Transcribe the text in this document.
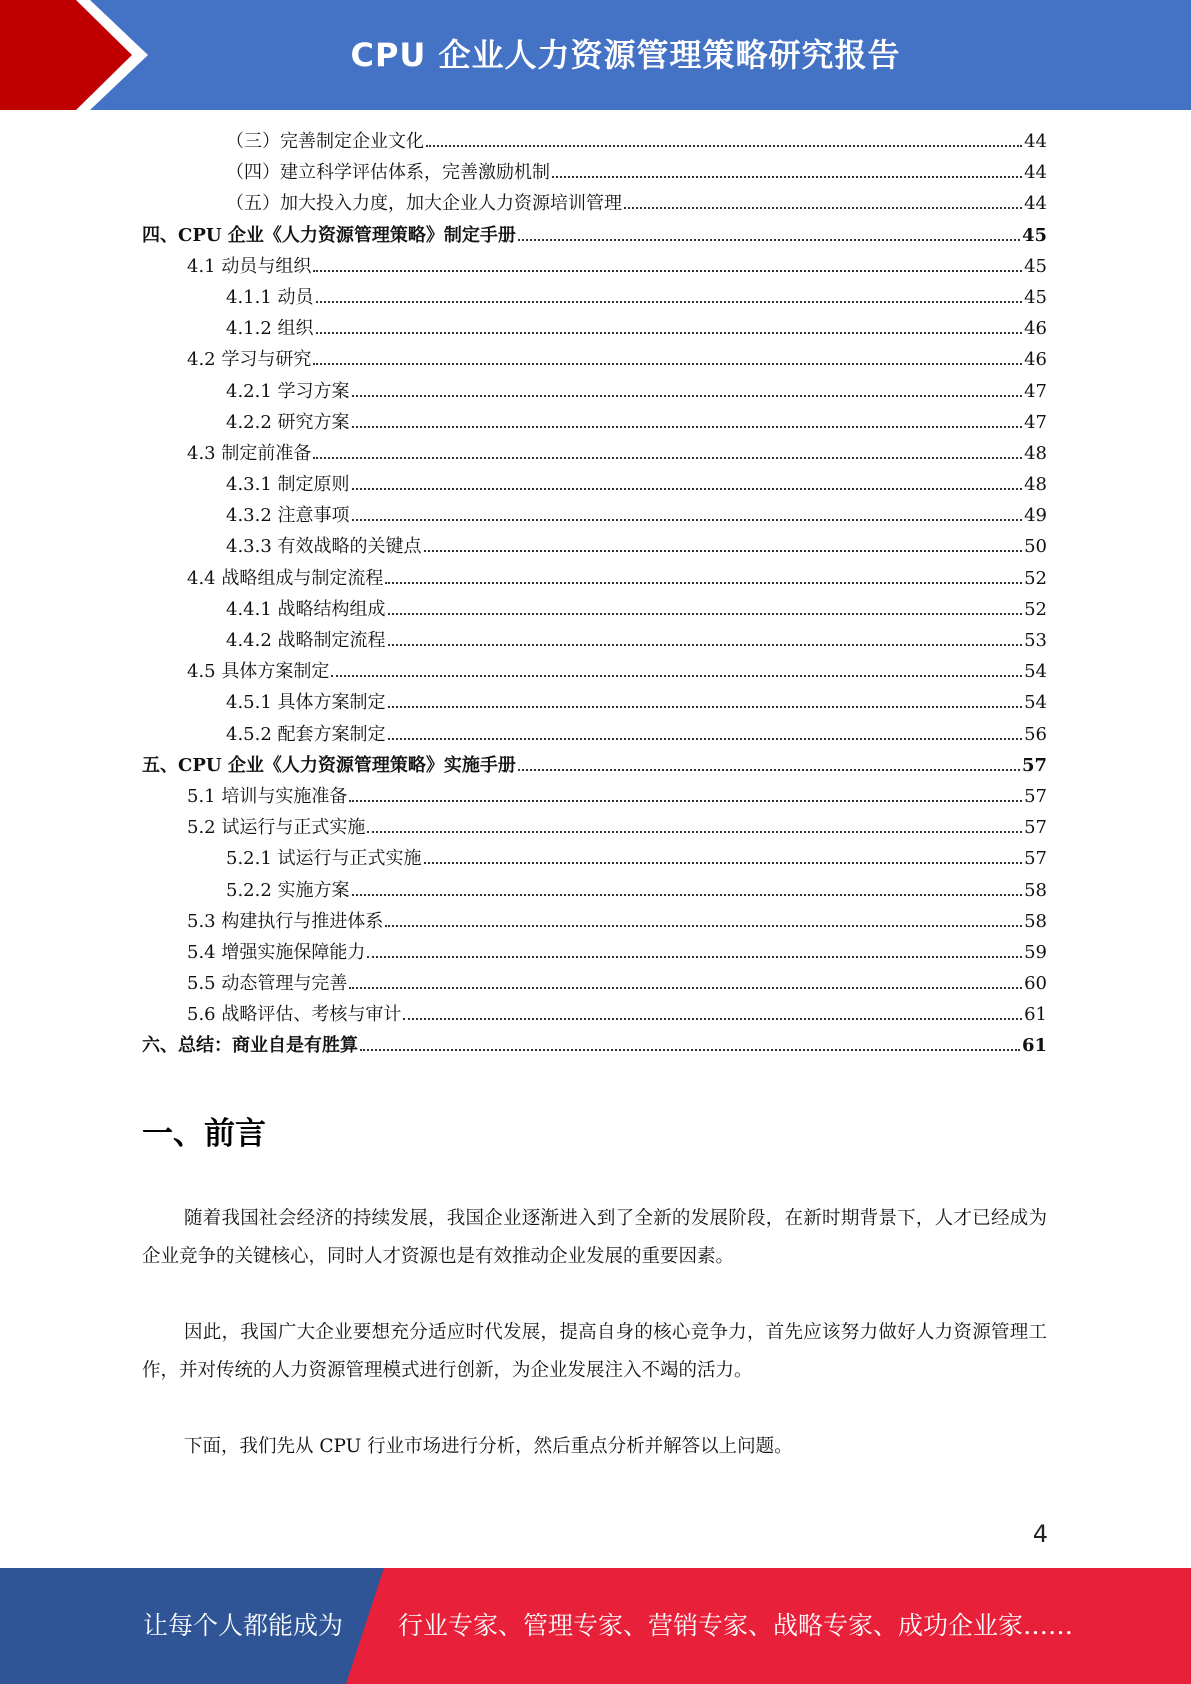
CPU 企业人力资源管理策略研究报告
（三）完善制定企业文化	44
（四）建立科学评估体系，完善激励机制	44
（五）加大投入力度，加大企业人力资源培训管理	44
四、CPU 企业《人力资源管理策略》制定手册	45
4.1 动员与组织	45
4.1.1 动员	45
4.1.2 组织	46
4.2 学习与研究	46
4.2.1 学习方案	47
4.2.2 研究方案	47
4.3 制定前准备	48
4.3.1 制定原则	48
4.3.2 注意事项	49
4.3.3 有效战略的关键点	50
4.4 战略组成与制定流程	52
4.4.1 战略结构组成	52
4.4.2 战略制定流程	53
4.5 具体方案制定	54
4.5.1 具体方案制定	54
4.5.2 配套方案制定	56
五、CPU 企业《人力资源管理策略》实施手册	57
5.1 培训与实施准备	57
5.2 试运行与正式实施	57
5.2.1 试运行与正式实施	57
5.2.2 实施方案	58
5.3 构建执行与推进体系	58
5.4 增强实施保障能力	59
5.5 动态管理与完善	60
5.6 战略评估、考核与审计	61
六、总结：商业自是有胜算	61
一、前言

随着我国社会经济的持续发展，我国企业逐渐进入到了全新的发展阶段，在新时期背景下，人才已经成为企业竞争的关键核心，同时人才资源也是有效推动企业发展的重要因素。

因此，我国广大企业要想充分适应时代发展，提高自身的核心竞争力，首先应该努力做好人力资源管理工作，并对传统的人力资源管理模式进行创新，为企业发展注入不竭的活力。

下面，我们先从 CPU 行业市场进行分析，然后重点分析并解答以上问题。

4
让每个人都能成为 行业专家、管理专家、营销专家、战略专家、成功企业家……
